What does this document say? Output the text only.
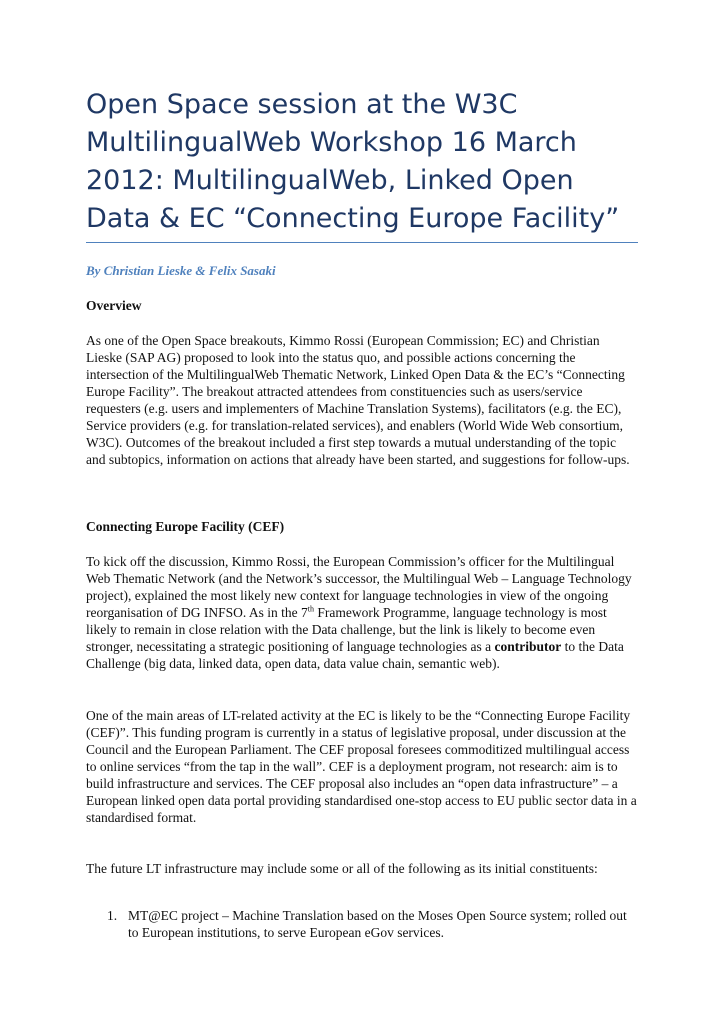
Open Space session at the W3C MultilingualWeb Workshop 16 March 2012: MultilingualWeb, Linked Open Data & EC “Connecting Europe Facility”

By Christian Lieske & Felix Sasaki

Overview

As one of the Open Space breakouts, Kimmo Rossi (European Commission; EC) and Christian Lieske (SAP AG) proposed to look into the status quo, and possible actions concerning the intersection of the MultilingualWeb Thematic Network, Linked Open Data & the EC’s “Connecting Europe Facility”. The breakout attracted attendees from constituencies such as users/service requesters (e.g. users and implementers of Machine Translation Systems), facilitators (e.g. the EC), Service providers (e.g. for translation-related services), and enablers (World Wide Web consortium, W3C). Outcomes of the breakout included a first step towards a mutual understanding of the topic and subtopics, information on actions that already have been started, and suggestions for follow-ups.

Connecting Europe Facility (CEF)

To kick off the discussion, Kimmo Rossi, the European Commission’s officer for the Multilingual Web Thematic Network (and the Network’s successor, the Multilingual Web – Language Technology project), explained the most likely new context for language technologies in view of the ongoing reorganisation of DG INFSO. As in the 7th Framework Programme, language technology is most likely to remain in close relation with the Data challenge, but the link is likely to become even stronger, necessitating a strategic positioning of language technologies as a contributor to the Data Challenge (big data, linked data, open data, data value chain, semantic web).

One of the main areas of LT-related activity at the EC is likely to be the “Connecting Europe Facility (CEF)”. This funding program is currently in a status of legislative proposal, under discussion at the Council and the European Parliament. The CEF proposal foresees commoditized multilingual access to online services “from the tap in the wall”. CEF is a deployment program, not research: aim is to build infrastructure and services. The CEF proposal also includes an “open data infrastructure” – a European linked open data portal providing standardised one-stop access to EU public sector data in a standardised format.

The future LT infrastructure may include some or all of the following as its initial constituents:

1. MT@EC project – Machine Translation based on the Moses Open Source system; rolled out to European institutions, to serve European eGov services.
